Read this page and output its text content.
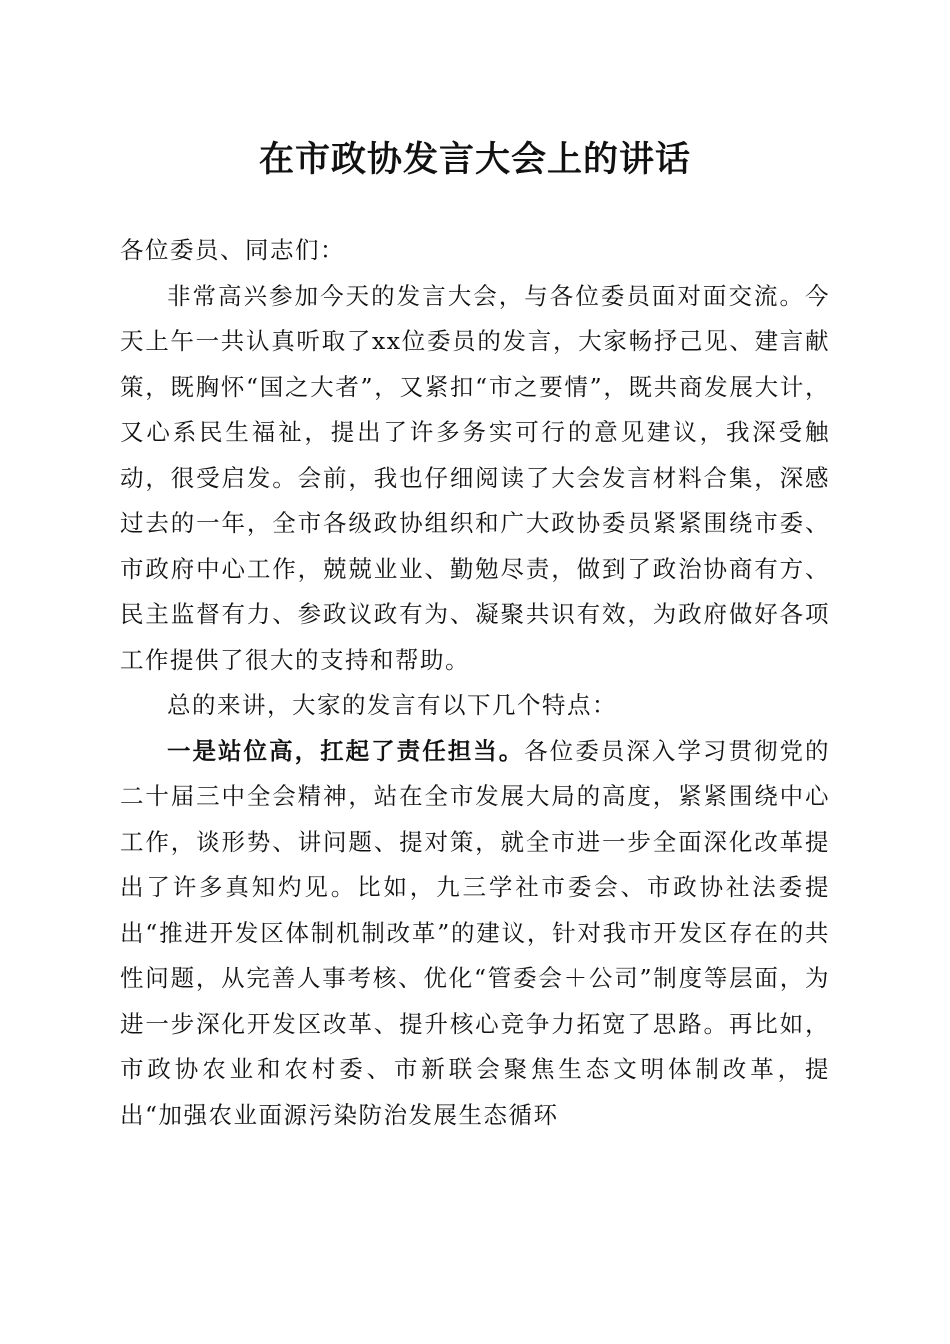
在市政协发言大会上的讲话

各位委员、同志们：

非常高兴参加今天的发言大会，与各位委员面对面交流。今天上午一共认真听取了xx位委员的发言，大家畅抒己见、建言献策，既胸怀“国之大者”，又紧扣“市之要情”，既共商发展大计，又心系民生福祉，提出了许多务实可行的意见建议，我深受触动，很受启发。会前，我也仔细阅读了大会发言材料合集，深感过去的一年，全市各级政协组织和广大政协委员紧紧围绕市委、市政府中心工作，兢兢业业、勤勉尽责，做到了政治协商有方、民主监督有力、参政议政有为、凝聚共识有效，为政府做好各项工作提供了很大的支持和帮助。

总的来讲，大家的发言有以下几个特点：

一是站位高，扛起了责任担当。各位委员深入学习贯彻党的二十届三中全会精神，站在全市发展大局的高度，紧紧围绕中心工作，谈形势、讲问题、提对策，就全市进一步全面深化改革提出了许多真知灼见。比如，九三学社市委会、市政协社法委提出“推进开发区体制机制改革”的建议，针对我市开发区存在的共性问题，从完善人事考核、优化“管委会＋公司”制度等层面，为进一步深化开发区改革、提升核心竞争力拓宽了思路。再比如，市政协农业和农村委、市新联会聚焦生态文明体制改革，提出“加强农业面源污染防治发展生态循环
